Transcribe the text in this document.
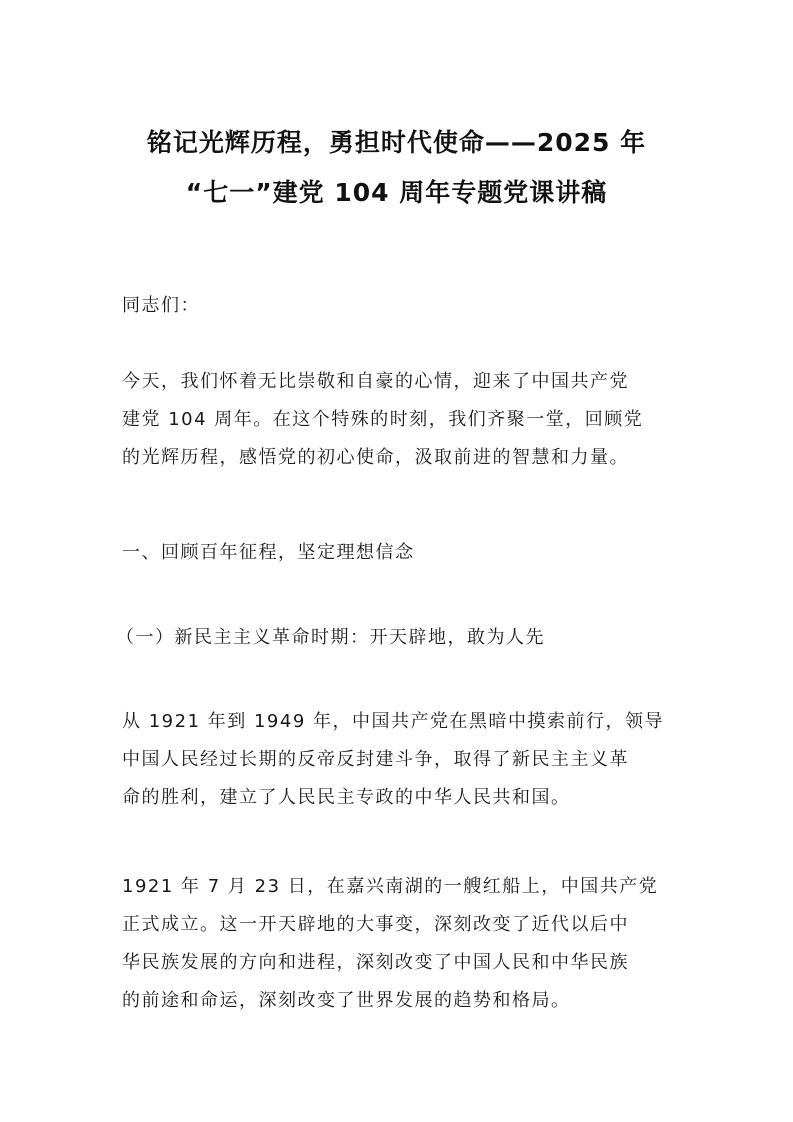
铭记光辉历程，勇担时代使命——2025 年
“七一”建党 104 周年专题党课讲稿
同志们：
今天，我们怀着无比崇敬和自豪的心情，迎来了中国共产党
建党 104 周年。在这个特殊的时刻，我们齐聚一堂，回顾党
的光辉历程，感悟党的初心使命，汲取前进的智慧和力量。
一、回顾百年征程，坚定理想信念
（一）新民主主义革命时期：开天辟地，敢为人先
从 1921 年到 1949 年，中国共产党在黑暗中摸索前行，领导
中国人民经过长期的反帝反封建斗争，取得了新民主主义革
命的胜利，建立了人民民主专政的中华人民共和国。
1921 年 7 月 23 日，在嘉兴南湖的一艘红船上，中国共产党
正式成立。这一开天辟地的大事变，深刻改变了近代以后中
华民族发展的方向和进程，深刻改变了中国人民和中华民族
的前途和命运，深刻改变了世界发展的趋势和格局。
